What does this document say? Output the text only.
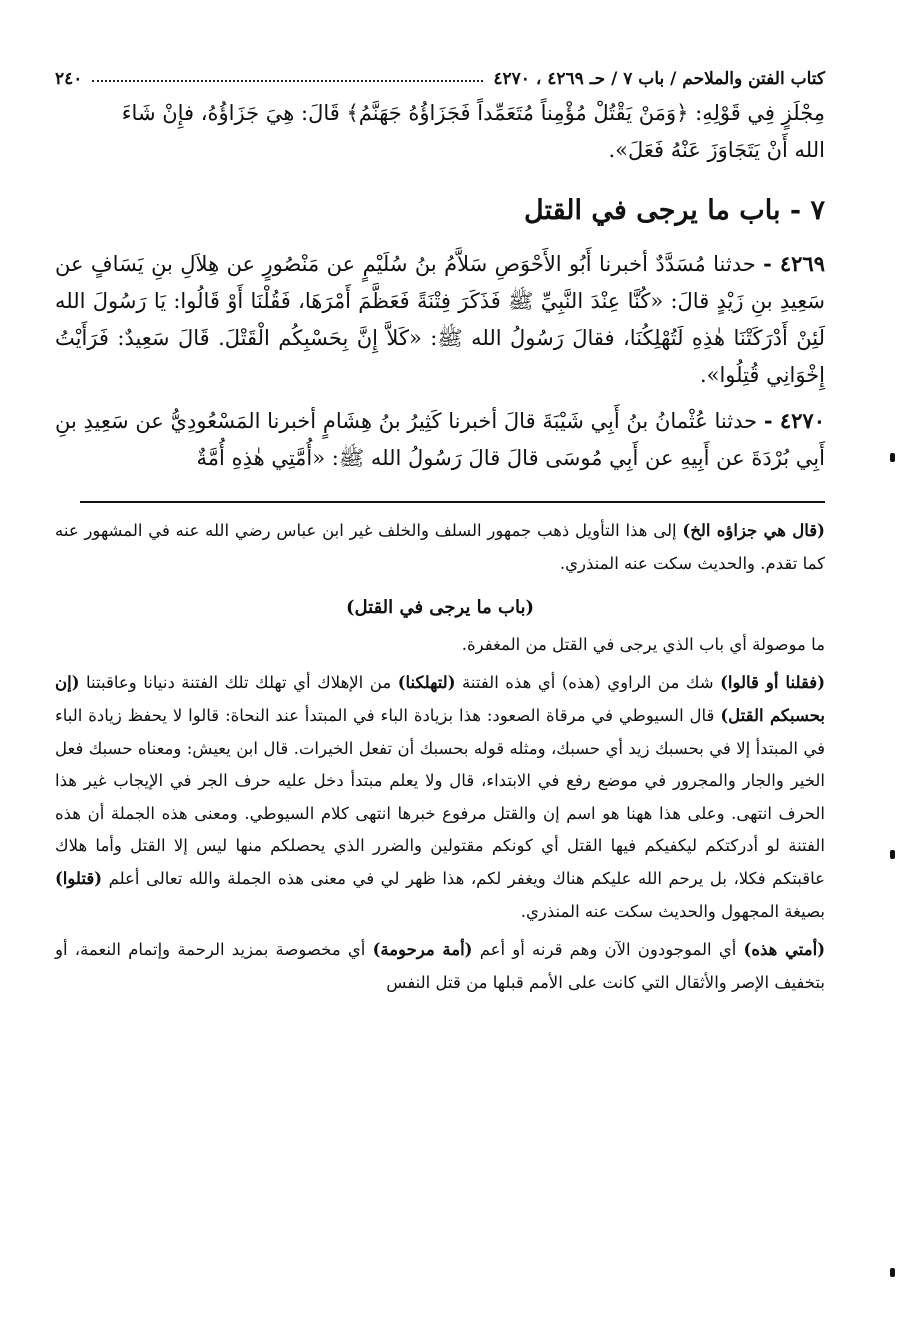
كتاب الفتن والملاحم / باب ٧ / حـ ٤٢٦٩ ، ٤٢٧٠
٢٤٠

مِجْلَزٍ فِي قَوْلِهِ: ﴿وَمَنْ يَقْتُلْ مُؤْمِناً مُتَعَمِّداً فَجَزَاؤُهُ جَهَنَّمُ﴾ قَالَ: هِيَ جَزَاؤُهُ، فإِنْ شَاءَ

الله أَنْ يَتَجَاوَزَ عَنْهُ فَعَلَ».

٧ - باب ما يرجى في القتل

٤٢٦٩ - حدثنا مُسَدَّدٌ أخبرنا أَبُو الأَحْوَصِ سَلاَّمُ بنُ سُلَيْمٍ عن مَنْصُورٍ عن هِلاَلِ بنِ يَسَافٍ عن سَعِيدِ بنِ زَيْدٍ قالَ: «كُنَّا عِنْدَ النَّبِيِّ ﷺ فَذَكَرَ فِتْنَةً فَعَظَّمَ أَمْرَهَا، فَقُلْنَا أَوْ قَالُوا: يَا رَسُولَ الله لَئِنْ أَدْرَكَتْنَا هٰذِهِ لَتُهْلِكُنَا، فقالَ رَسُولُ الله ﷺ: «كَلاَّ إِنَّ بِحَسْبِكُم الْقَتْلَ. قَالَ سَعِيدٌ: فَرَأَيْتُ إِخْوَانِي قُتِلُوا».

٤٢٧٠ - حدثنا عُثْمانُ بنُ أَبِي شَيْبَةَ قالَ أخبرنا كَثِيرُ بنُ هِشَامٍ أخبرنا المَسْعُودِيُّ عن سَعِيدِ بنِ أَبِي بُرْدَةَ عن أَبِيهِ عن أَبِي مُوسَى قالَ قالَ رَسُولُ الله ﷺ: «أُمَّتِي هٰذِهِ أُمَّةٌ

(قال هي جزاؤه الخ) إلى هذا التأويل ذهب جمهور السلف والخلف غير ابن عباس رضي الله عنه في المشهور عنه كما تقدم. والحديث سكت عنه المنذري.

(باب ما يرجى في القتل)

ما موصولة أي باب الذي يرجى في القتل من المغفرة.

(فقلنا أو قالوا) شك من الراوي (هذه) أي هذه الفتنة (لتهلكنا) من الإهلاك أي تهلك تلك الفتنة دنيانا وعاقبتنا (إن بحسبكم القتل) قال السيوطي في مرقاة الصعود: هذا بزيادة الباء في المبتدأ عند النحاة: قالوا لا يحفظ زيادة الباء في المبتدأ إلا في بحسبك زيد أي حسبك، ومثله قوله بحسبك أن تفعل الخيرات. قال ابن يعيش: ومعناه حسبك فعل الخير والجار والمجرور في موضع رفع في الابتداء، قال ولا يعلم مبتدأ دخل عليه حرف الجر في الإيجاب غير هذا الحرف انتهى. وعلى هذا ههنا هو اسم إن والقتل مرفوع خبرها انتهى كلام السيوطي. ومعنى هذه الجملة أن هذه الفتنة لو أدركتكم ليكفيكم فيها القتل أي كونكم مقتولين والضرر الذي يحصلكم منها ليس إلا القتل وأما هلاك عاقبتكم فكلا، بل يرحم الله عليكم هناك ويغفر لكم، هذا ظهر لي في معنى هذه الجملة والله تعالى أعلم (قتلوا) بصيغة المجهول والحديث سكت عنه المنذري.

(أمتي هذه) أي الموجودون الآن وهم قرنه أو أعم (أمة مرحومة) أي مخصوصة بمزيد الرحمة وإتمام النعمة، أو بتخفيف الإصر والأثقال التي كانت على الأمم قبلها من قتل النفس
